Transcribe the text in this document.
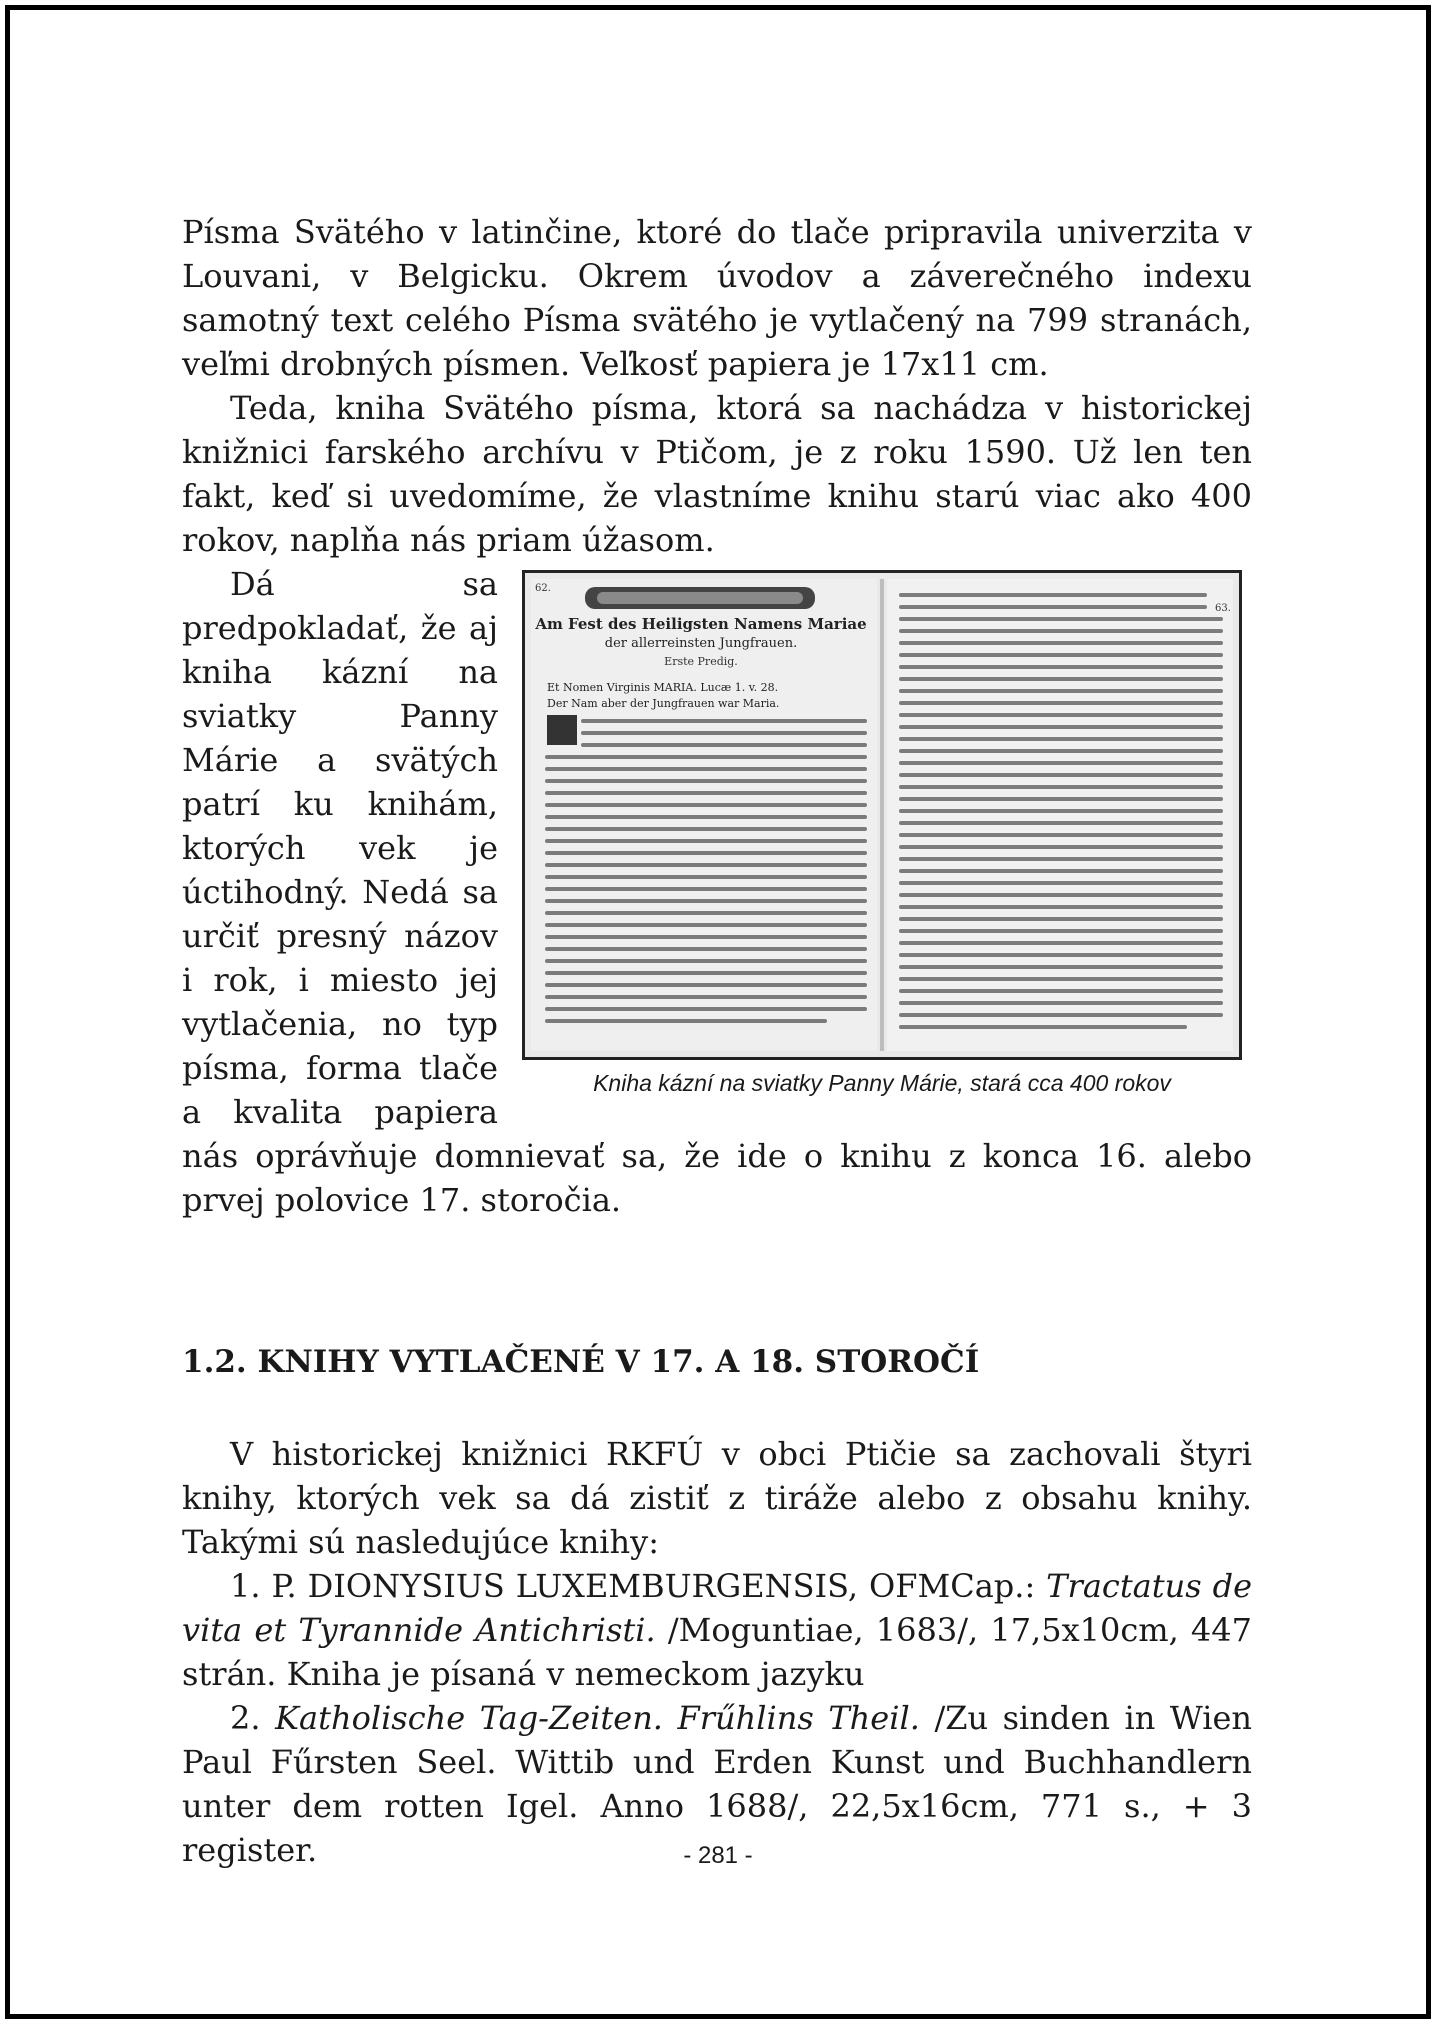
Písma Svätého v latinčine, ktoré do tlače pripravila univerzita v Louvani, v Belgicku. Okrem úvodov a záverečného indexu samotný text celého Písma svätého je vytlačený na 799 stranách, veľmi drobných písmen. Veľkosť papiera je 17x11 cm.

Teda, kniha Svätého písma, ktorá sa nachádza v historickej knižnici farského archívu v Ptičom, je z roku 1590. Už len ten fakt, keď si uvedomíme, že vlastníme knihu starú viac ako 400 rokov, naplňa nás priam úžasom.

62.
63.
Am Fest des Heiligsten Namens Mariae
der allerreinsten Jungfrauen.
Erste Predig.
Et Nomen Virginis MARIA. Lucæ 1. v. 28.
Der Nam aber der Jungfrauen war Maria.
Kniha kázní na sviatky Panny Márie, stará cca 400 rokov

Dá sa predpokladať, že aj kniha kázní na sviatky Panny Márie a svätých patrí ku knihám, ktorých vek je úctihodný. Nedá sa určiť presný názov i rok, i miesto jej vytlačenia, no typ písma, forma tlače a kvalita papiera nás oprávňuje domnievať sa, že ide o knihu z konca 16. alebo prvej polovice 17. storočia.

1.2. KNIHY VYTLAČENÉ V 17. A 18. STOROČÍ

V historickej knižnici RKFÚ v obci Ptičie sa zachovali štyri knihy, ktorých vek sa dá zistiť z tiráže alebo z obsahu knihy. Takými sú nasledujúce knihy:

1. P. DIONYSIUS LUXEMBURGENSIS, OFMCap.: Tractatus de vita et Tyrannide Antichristi. /Moguntiae, 1683/, 17,5x10cm, 447 strán. Kniha je písaná v nemeckom jazyku

2. Katholische Tag-Zeiten. Frűhlins Theil. /Zu sinden in Wien Paul Fűrsten Seel. Wittib und Erden Kunst und Buchhandlern unter dem rotten Igel. Anno 1688/, 22,5x16cm, 771 s., + 3 register.	- 281 -
